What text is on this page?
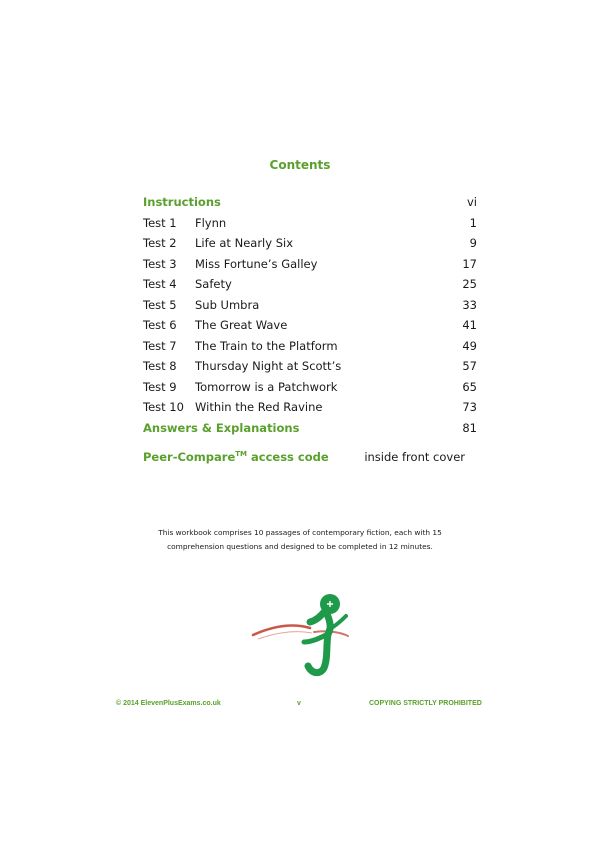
Contents
Instructions	vi
Test 1 Flynn	1
Test 2 Life at Nearly Six	9
Test 3 Miss Fortune’s Galley	17
Test 4 Safety	25
Test 5 Sub Umbra	33
Test 6 The Great Wave	41
Test 7 The Train to the Platform	49
Test 8 Thursday Night at Scott’s	57
Test 9 Tomorrow is a Patchwork	65
Test 10 Within the Red Ravine	73
Answers & Explanations	81
Peer-Compare™ access code	inside front cover
This workbook comprises 10 passages of contemporary fiction, each with 15
comprehension questions and designed to be completed in 12 minutes.
© 2014 ElevenPlusExams.co.uk	v	COPYING STRICTLY PROHIBITED
